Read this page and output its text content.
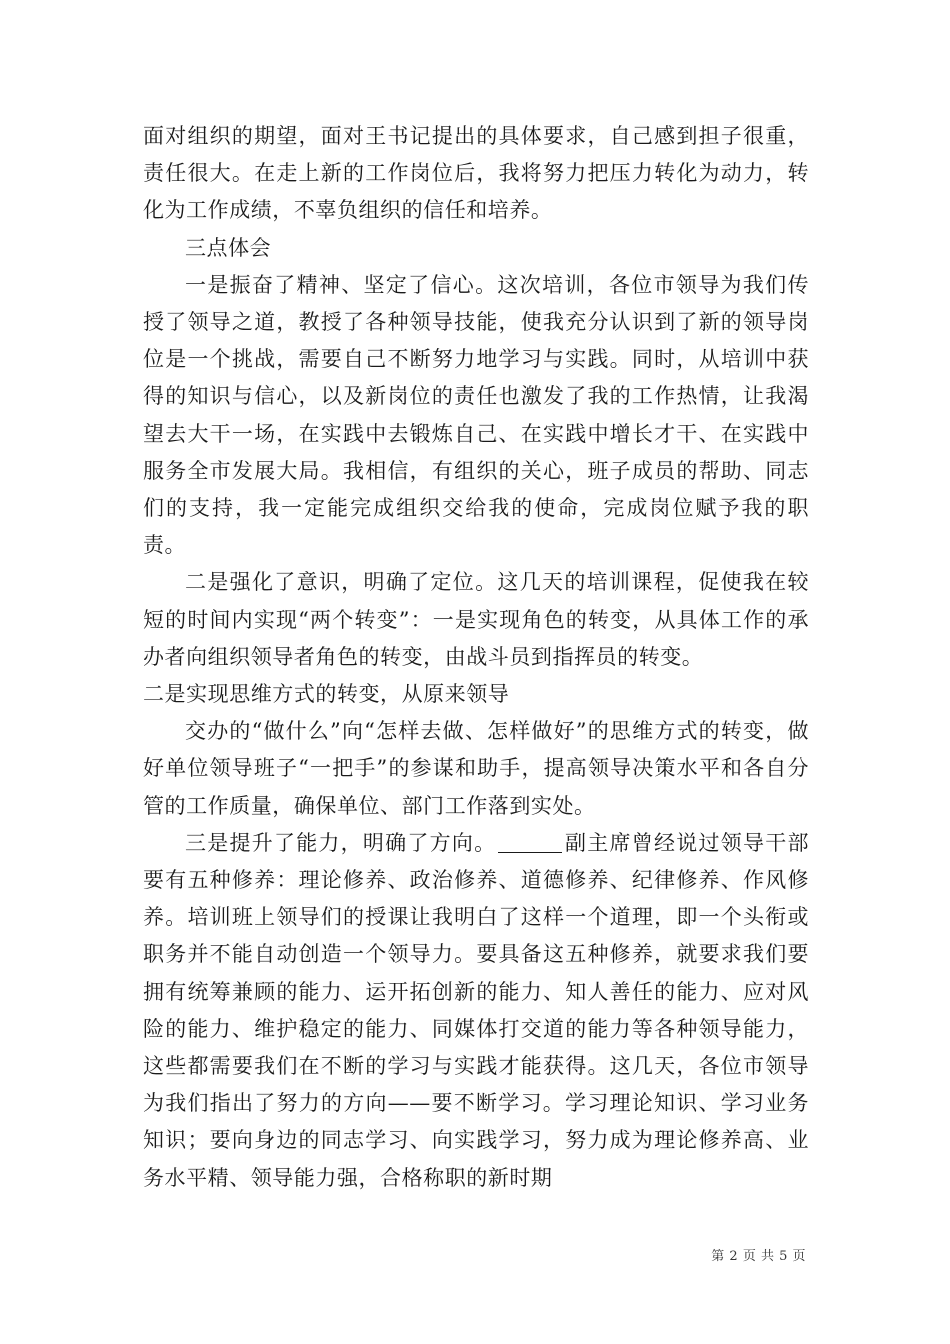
面对组织的期望，面对王书记提出的具体要求，自己感到担子很重，责任很大。在走上新的工作岗位后，我将努力把压力转化为动力，转化为工作成绩，不辜负组织的信任和培养。

三点体会

一是振奋了精神、坚定了信心。这次培训，各位市领导为我们传授了领导之道，教授了各种领导技能，使我充分认识到了新的领导岗位是一个挑战，需要自己不断努力地学习与实践。同时，从培训中获得的知识与信心，以及新岗位的责任也激发了我的工作热情，让我渴望去大干一场，在实践中去锻炼自己、在实践中增长才干、在实践中服务全市发展大局。我相信，有组织的关心，班子成员的帮助、同志们的支持，我一定能完成组织交给我的使命，完成岗位赋予我的职责。

二是强化了意识，明确了定位。这几天的培训课程，促使我在较短的时间内实现“两个转变”：一是实现角色的转变，从具体工作的承办者向组织领导者角色的转变，由战斗员到指挥员的转变。

二是实现思维方式的转变，从原来领导

交办的“做什么”向“怎样去做、怎样做好”的思维方式的转变，做好单位领导班子“一把手”的参谋和助手，提高领导决策水平和各自分管的工作质量，确保单位、部门工作落到实处。

三是提升了能力，明确了方向。	副主席曾经说过领导干部要有五种修养：理论修养、政治修养、道德修养、纪律修养、作风修养。培训班上领导们的授课让我明白了这样一个道理，即一个头衔或职务并不能自动创造一个领导力。要具备这五种修养，就要求我们要拥有统筹兼顾的能力、运开拓创新的能力、知人善任的能力、应对风险的能力、维护稳定的能力、同媒体打交道的能力等各种领导能力，这些都需要我们在不断的学习与实践才能获得。这几天，各位市领导为我们指出了努力的方向——要不断学习。学习理论知识、学习业务知识；要向身边的同志学习、向实践学习，努力成为理论修养高、业务水平精、领导能力强，合格称职的新时期

第 2 页 共 5 页
